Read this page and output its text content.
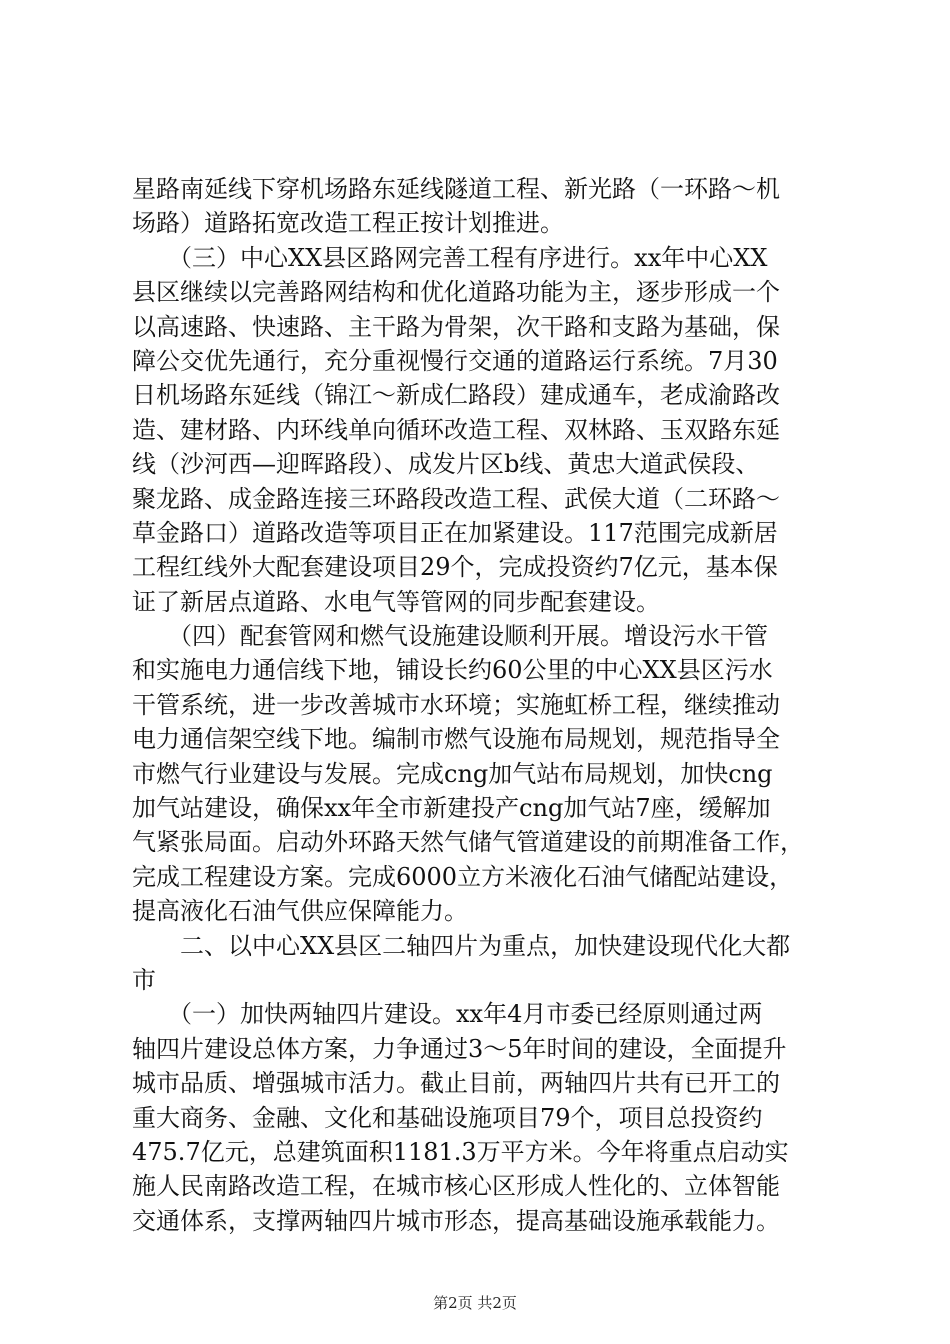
星路南延线下穿机场路东延线隧道工程、新光路（一环路～机
场路）道路拓宽改造工程正按计划推进。
　　（三）中心XX县区路网完善工程有序进行。xx年中心XX
县区继续以完善路网结构和优化道路功能为主，逐步形成一个
以高速路、快速路、主干路为骨架，次干路和支路为基础，保
障公交优先通行，充分重视慢行交通的道路运行系统。7月30
日机场路东延线（锦江～新成仁路段）建成通车，老成渝路改
造、建材路、内环线单向循环改造工程、双林路、玉双路东延
线（沙河西—迎晖路段）、成发片区b线、黄忠大道武侯段、
聚龙路、成金路连接三环路段改造工程、武侯大道（二环路～
草金路口）道路改造等项目正在加紧建设。117范围完成新居
工程红线外大配套建设项目29个，完成投资约7亿元，基本保
证了新居点道路、水电气等管网的同步配套建设。
　　（四）配套管网和燃气设施建设顺利开展。增设污水干管
和实施电力通信线下地，铺设长约60公里的中心XX县区污水
干管系统，进一步改善城市水环境；实施虹桥工程，继续推动
电力通信架空线下地。编制市燃气设施布局规划，规范指导全
市燃气行业建设与发展。完成cng加气站布局规划，加快cng
加气站建设，确保xx年全市新建投产cng加气站7座，缓解加
气紧张局面。启动外环路天然气储气管道建设的前期准备工作，
完成工程建设方案。完成6000立方米液化石油气储配站建设，
提高液化石油气供应保障能力。
　　二、以中心XX县区二轴四片为重点，加快建设现代化大都
市
　　（一）加快两轴四片建设。xx年4月市委已经原则通过两
轴四片建设总体方案，力争通过3～5年时间的建设，全面提升
城市品质、增强城市活力。截止目前，两轴四片共有已开工的
重大商务、金融、文化和基础设施项目79个，项目总投资约
475.7亿元，总建筑面积1181.3万平方米。今年将重点启动实
施人民南路改造工程，在城市核心区形成人性化的、立体智能
交通体系，支撑两轴四片城市形态，提高基础设施承载能力。
第2页 共2页
